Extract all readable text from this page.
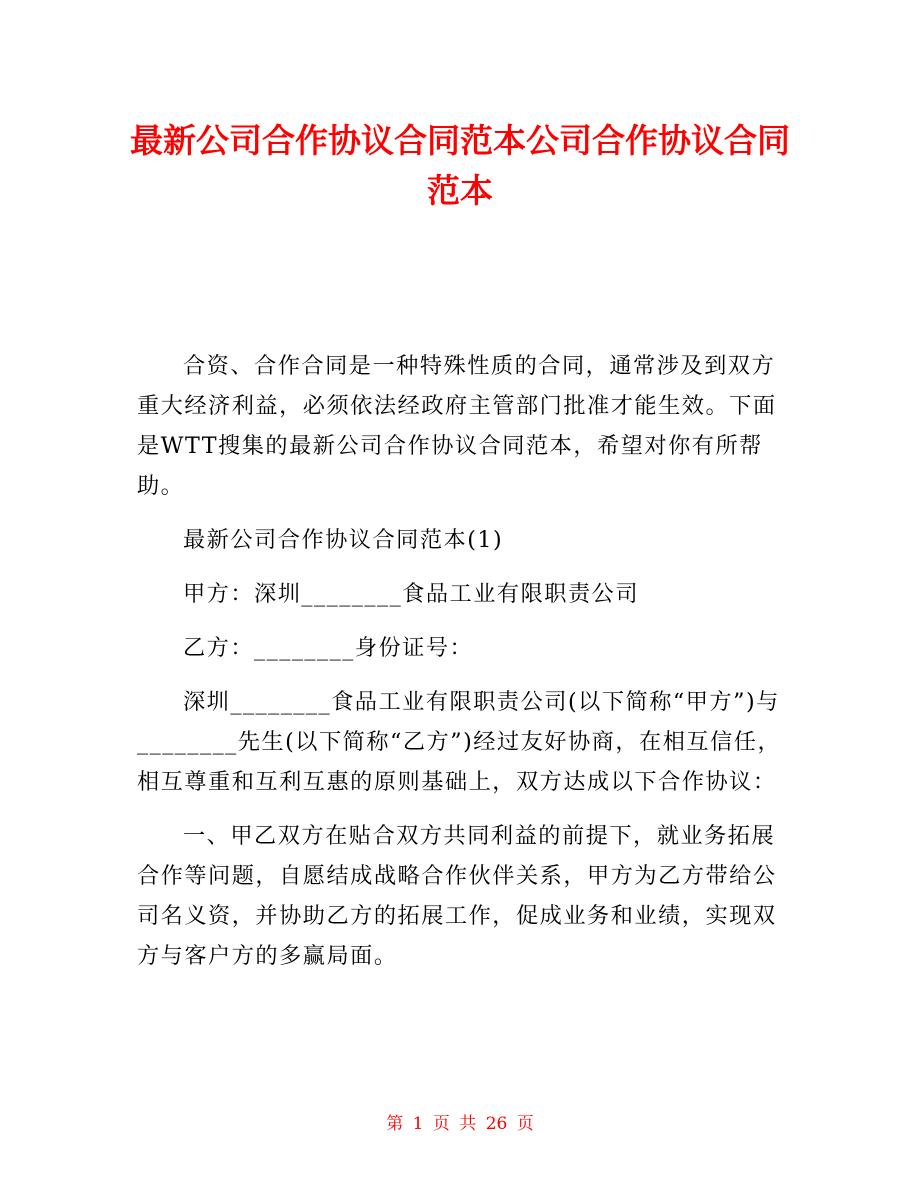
最新公司合作协议合同范本公司合作协议合同
范本

合资、合作合同是一种特殊性质的合同，通常涉及到双方重大经济利益，必须依法经政府主管部门批准才能生效。下面是WTT搜集的最新公司合作协议合同范本，希望对你有所帮助。

最新公司合作协议合同范本(1)

甲方：深圳________食品工业有限职责公司

乙方：________身份证号：

深圳________食品工业有限职责公司(以下简称“甲方”)与________先生(以下简称“乙方”)经过友好协商，在相互信任，相互尊重和互利互惠的原则基础上，双方达成以下合作协议：

一、甲乙双方在贴合双方共同利益的前提下，就业务拓展合作等问题，自愿结成战略合作伙伴关系，甲方为乙方带给公司名义资，并协助乙方的拓展工作，促成业务和业绩，实现双方与客户方的多赢局面。

第 1 页 共 26 页
